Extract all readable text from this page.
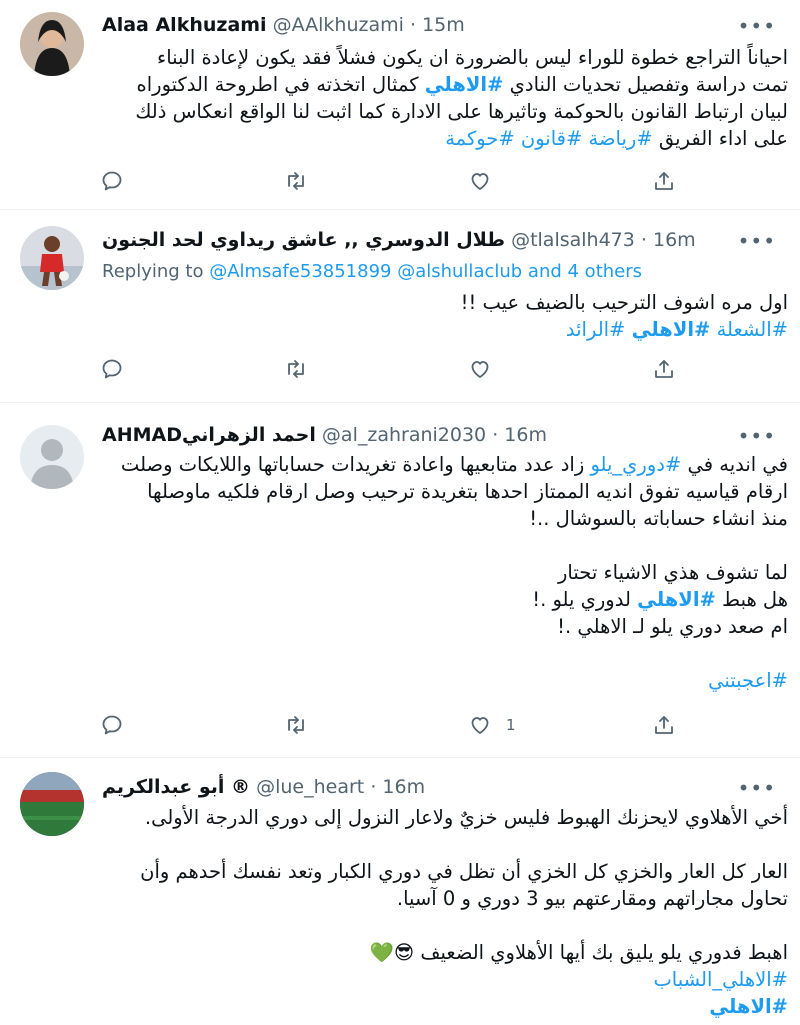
Alaa Alkhuzami @AAlkhuzami · 15m	•••

احياناً التراجع خطوة للوراء ليس بالضرورة ان يكون فشلاً فقد يكون لإعادة البناء

تمت دراسة وتفصيل تحديات النادي #الاهلي كمثال اتخذته في اطروحة الدكتوراه

لبيان ارتباط القانون بالحوكمة وتاثيرها على الادارة كما اثبت لنا الواقع انعكاس ذلك

على اداء الفريق #رياضة #قانون #حوكمة

طلال الدوسري ,, عاشق ريداوي لحد الجنون @tlalsalh473 · 16m •••
Replying to @Almsafe53851899 @alshullaclub and 4 others

اول مره اشوف الترحيب بالضيف عيب !!

#الشعلة #الاهلي #الرائد

AHMADاحمد الزهراني @al_zahrani2030 · 16m	•••

في انديه في #دوري_يلو زاد عدد متابعيها واعادة تغريدات حساباتها واللايكات وصلت

ارقام قياسيه تفوق انديه الممتاز احدها بتغريدة ترحيب وصل ارقام فلكيه ماوصلها

منذ انشاء حساباته بالسوشال ..!

لما تشوف هذي الاشياء تحتار

هل هبط #الاهلي لدوري يلو .!

ام صعد دوري يلو لـ الاهلي .!

#اعجبتني

1
أبو عبدالكريم ® @lue_heart · 16m	•••

أخي الأهلاوي لايحزنك الهبوط فليس خزيٌ ولاعار النزول إلى دوري الدرجة الأولى.

العار كل العار والخزي كل الخزي أن تظل في دوري الكبار وتعد نفسك أحدهم وأن

تحاول مجاراتهم ومقارعتهم بيو 3 دوري و 0 آسيا.

اهبط فدوري يلو يليق بك أيها الأهلاوي الضعيف 😎💚

#الاهلي_الشباب

#الاهلي
